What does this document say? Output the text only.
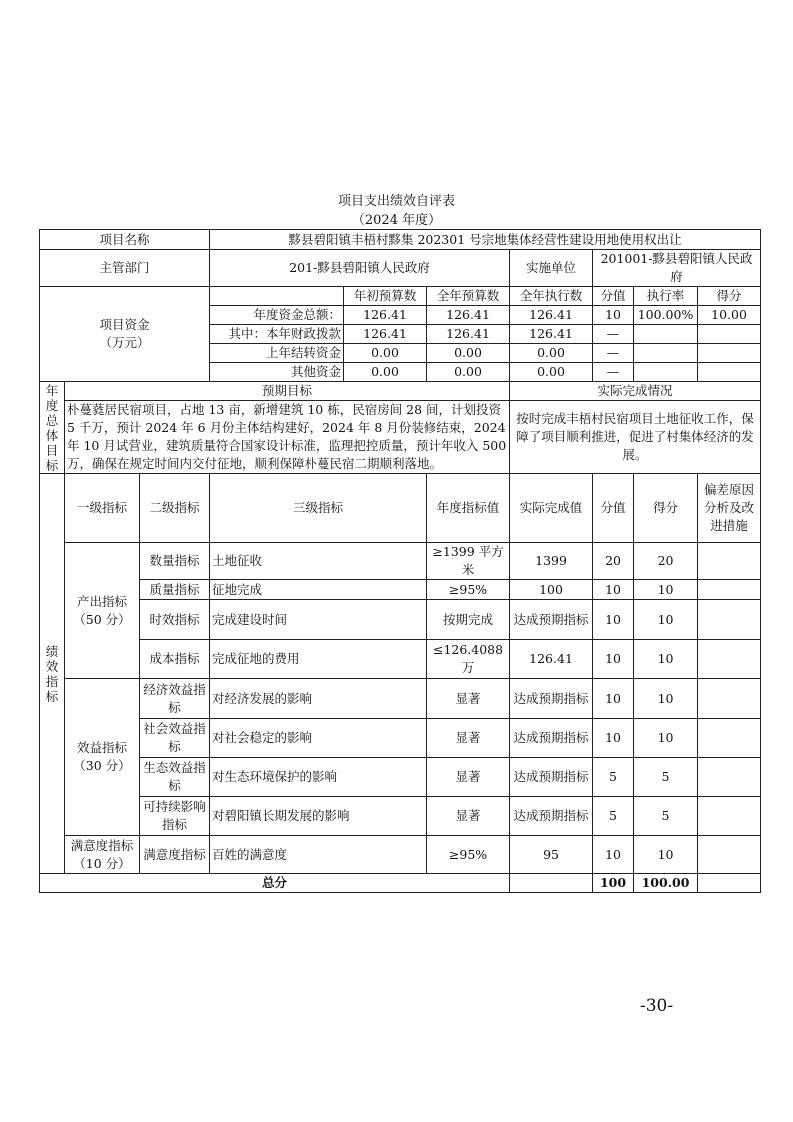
项目支出绩效自评表
（2024 年度）
项目名称			黟县碧阳镇丰梧村黟集 202301 号宗地集体经营性建设用地使用权出让						
主管部门			201-黟县碧阳镇人民政府			实施单位	201001-黟县碧阳镇人民政府		
项目资金
（万元）				年初预算数	全年预算数	全年执行数	分值	执行率	得分
			年度资金总额：	126.41	126.41	126.41	10	100.00%	10.00
			其中：本年财政拨款	126.41	126.41	126.41	—		
			上年结转资金	0.00	0.00	0.00	—		
			其他资金	0.00	0.00	0.00	—		
年度总体目标	预期目标					实际完成情况			
	朴蔓蕤居民宿项目，占地 13 亩，新增建筑 10 栋，民宿房间 28 间，计划投资 5 千万，预计 2024 年 6 月份主体结构建好，2024 年 8 月份装修结束，2024 年 10 月试营业，建筑质量符合国家设计标准，监理把控质量，预计年收入 500 万，确保在规定时间内交付征地，顺利保障朴蔓民宿二期顺利落地。					按时完成丰梧村民宿项目土地征收工作，保障了项目顺利推进，促进了村集体经济的发展。			
绩效指标	一级指标	二级指标	三级指标		年度指标值	实际完成值	分值	得分	偏差原因分析及改进措施
	产出指标（50 分）	数量指标	土地征收		≥1399 平方米	1399	20	20	
		质量指标	征地完成		≥95%	100	10	10	
		时效指标	完成建设时间		按期完成	达成预期指标	10	10	
		成本指标	完成征地的费用		≤126.4088 万	126.41	10	10	
	效益指标（30 分）	经济效益指标	对经济发展的影响		显著	达成预期指标	10	10	
		社会效益指标	对社会稳定的影响		显著	达成预期指标	10	10	
		生态效益指标	对生态环境保护的影响		显著	达成预期指标	5	5	
		可持续影响指标	对碧阳镇长期发展的影响		显著	达成预期指标	5	5	
	满意度指标（10 分）	满意度指标	百姓的满意度		≥95%	95	10	10	
总分							100	100.00	
-30-
